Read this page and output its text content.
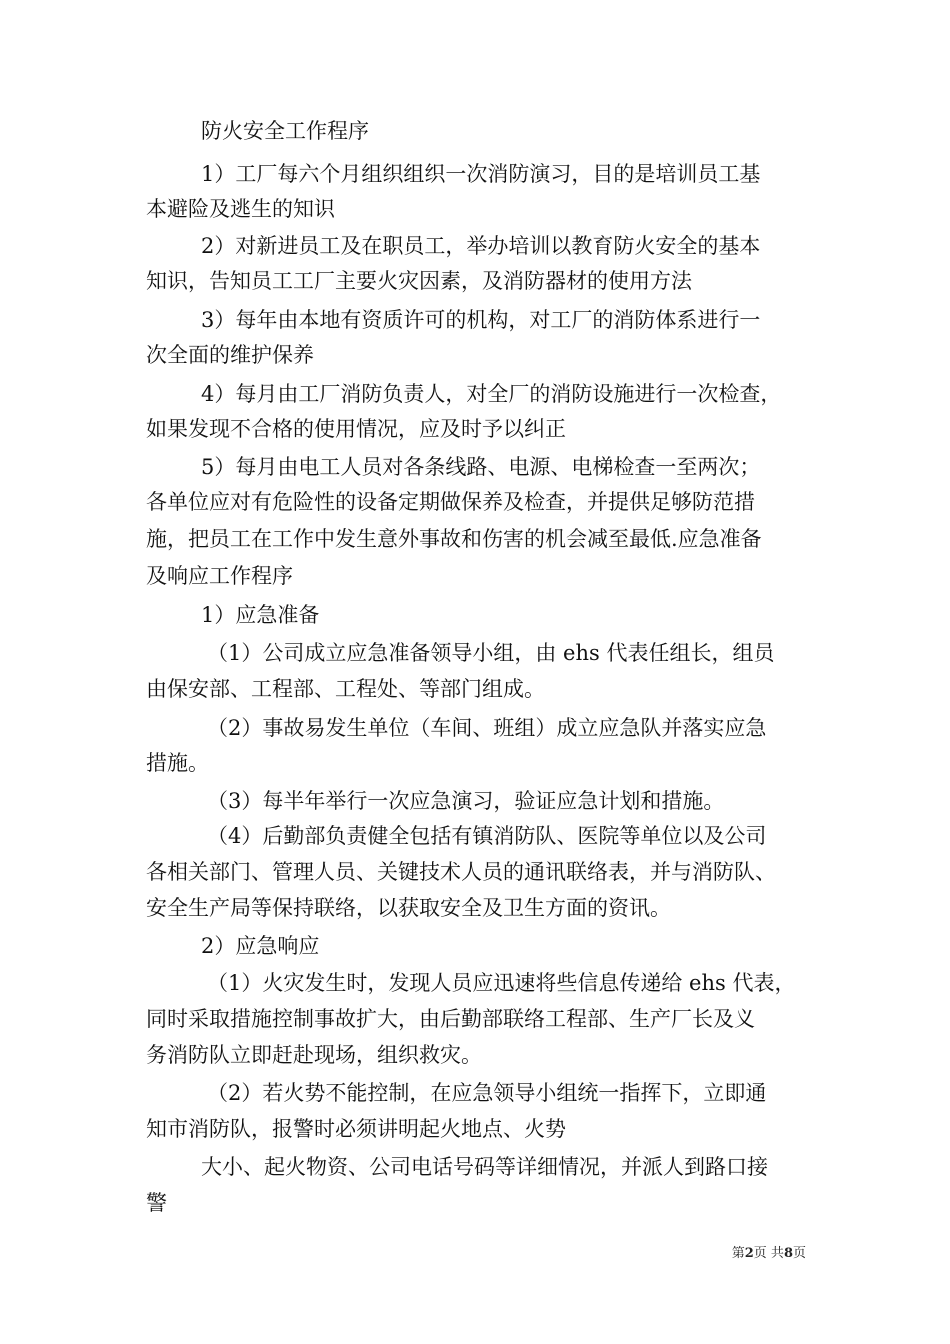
防火安全工作程序
1）工厂每六个月组织组织一次消防演习，目的是培训员工基
本避险及逃生的知识
2）对新进员工及在职员工，举办培训以教育防火安全的基本
知识，告知员工工厂主要火灾因素，及消防器材的使用方法
3）每年由本地有资质许可的机构，对工厂的消防体系进行一
次全面的维护保养
4）每月由工厂消防负责人，对全厂的消防设施进行一次检查，
如果发现不合格的使用情况，应及时予以纠正
5）每月由电工人员对各条线路、电源、电梯检查一至两次；
各单位应对有危险性的设备定期做保养及检查，并提供足够防范措
施，把员工在工作中发生意外事故和伤害的机会减至最低.应急准备
及响应工作程序
1）应急准备
（1）公司成立应急准备领导小组，由 ehs 代表任组长，组员
由保安部、工程部、工程处、等部门组成。
（2）事故易发生单位（车间、班组）成立应急队并落实应急
措施。
（3）每半年举行一次应急演习，验证应急计划和措施。
（4）后勤部负责健全包括有镇消防队、医院等单位以及公司
各相关部门、管理人员、关键技术人员的通讯联络表，并与消防队、
安全生产局等保持联络，以获取安全及卫生方面的资讯。
2）应急响应
（1）火灾发生时，发现人员应迅速将些信息传递给 ehs 代表，
同时采取措施控制事故扩大，由后勤部联络工程部、生产厂长及义
务消防队立即赶赴现场，组织救灾。
（2）若火势不能控制，在应急领导小组统一指挥下，立即通
知市消防队，报警时必须讲明起火地点、火势
大小、起火物资、公司电话号码等详细情况，并派人到路口接
警
第2页 共8页
